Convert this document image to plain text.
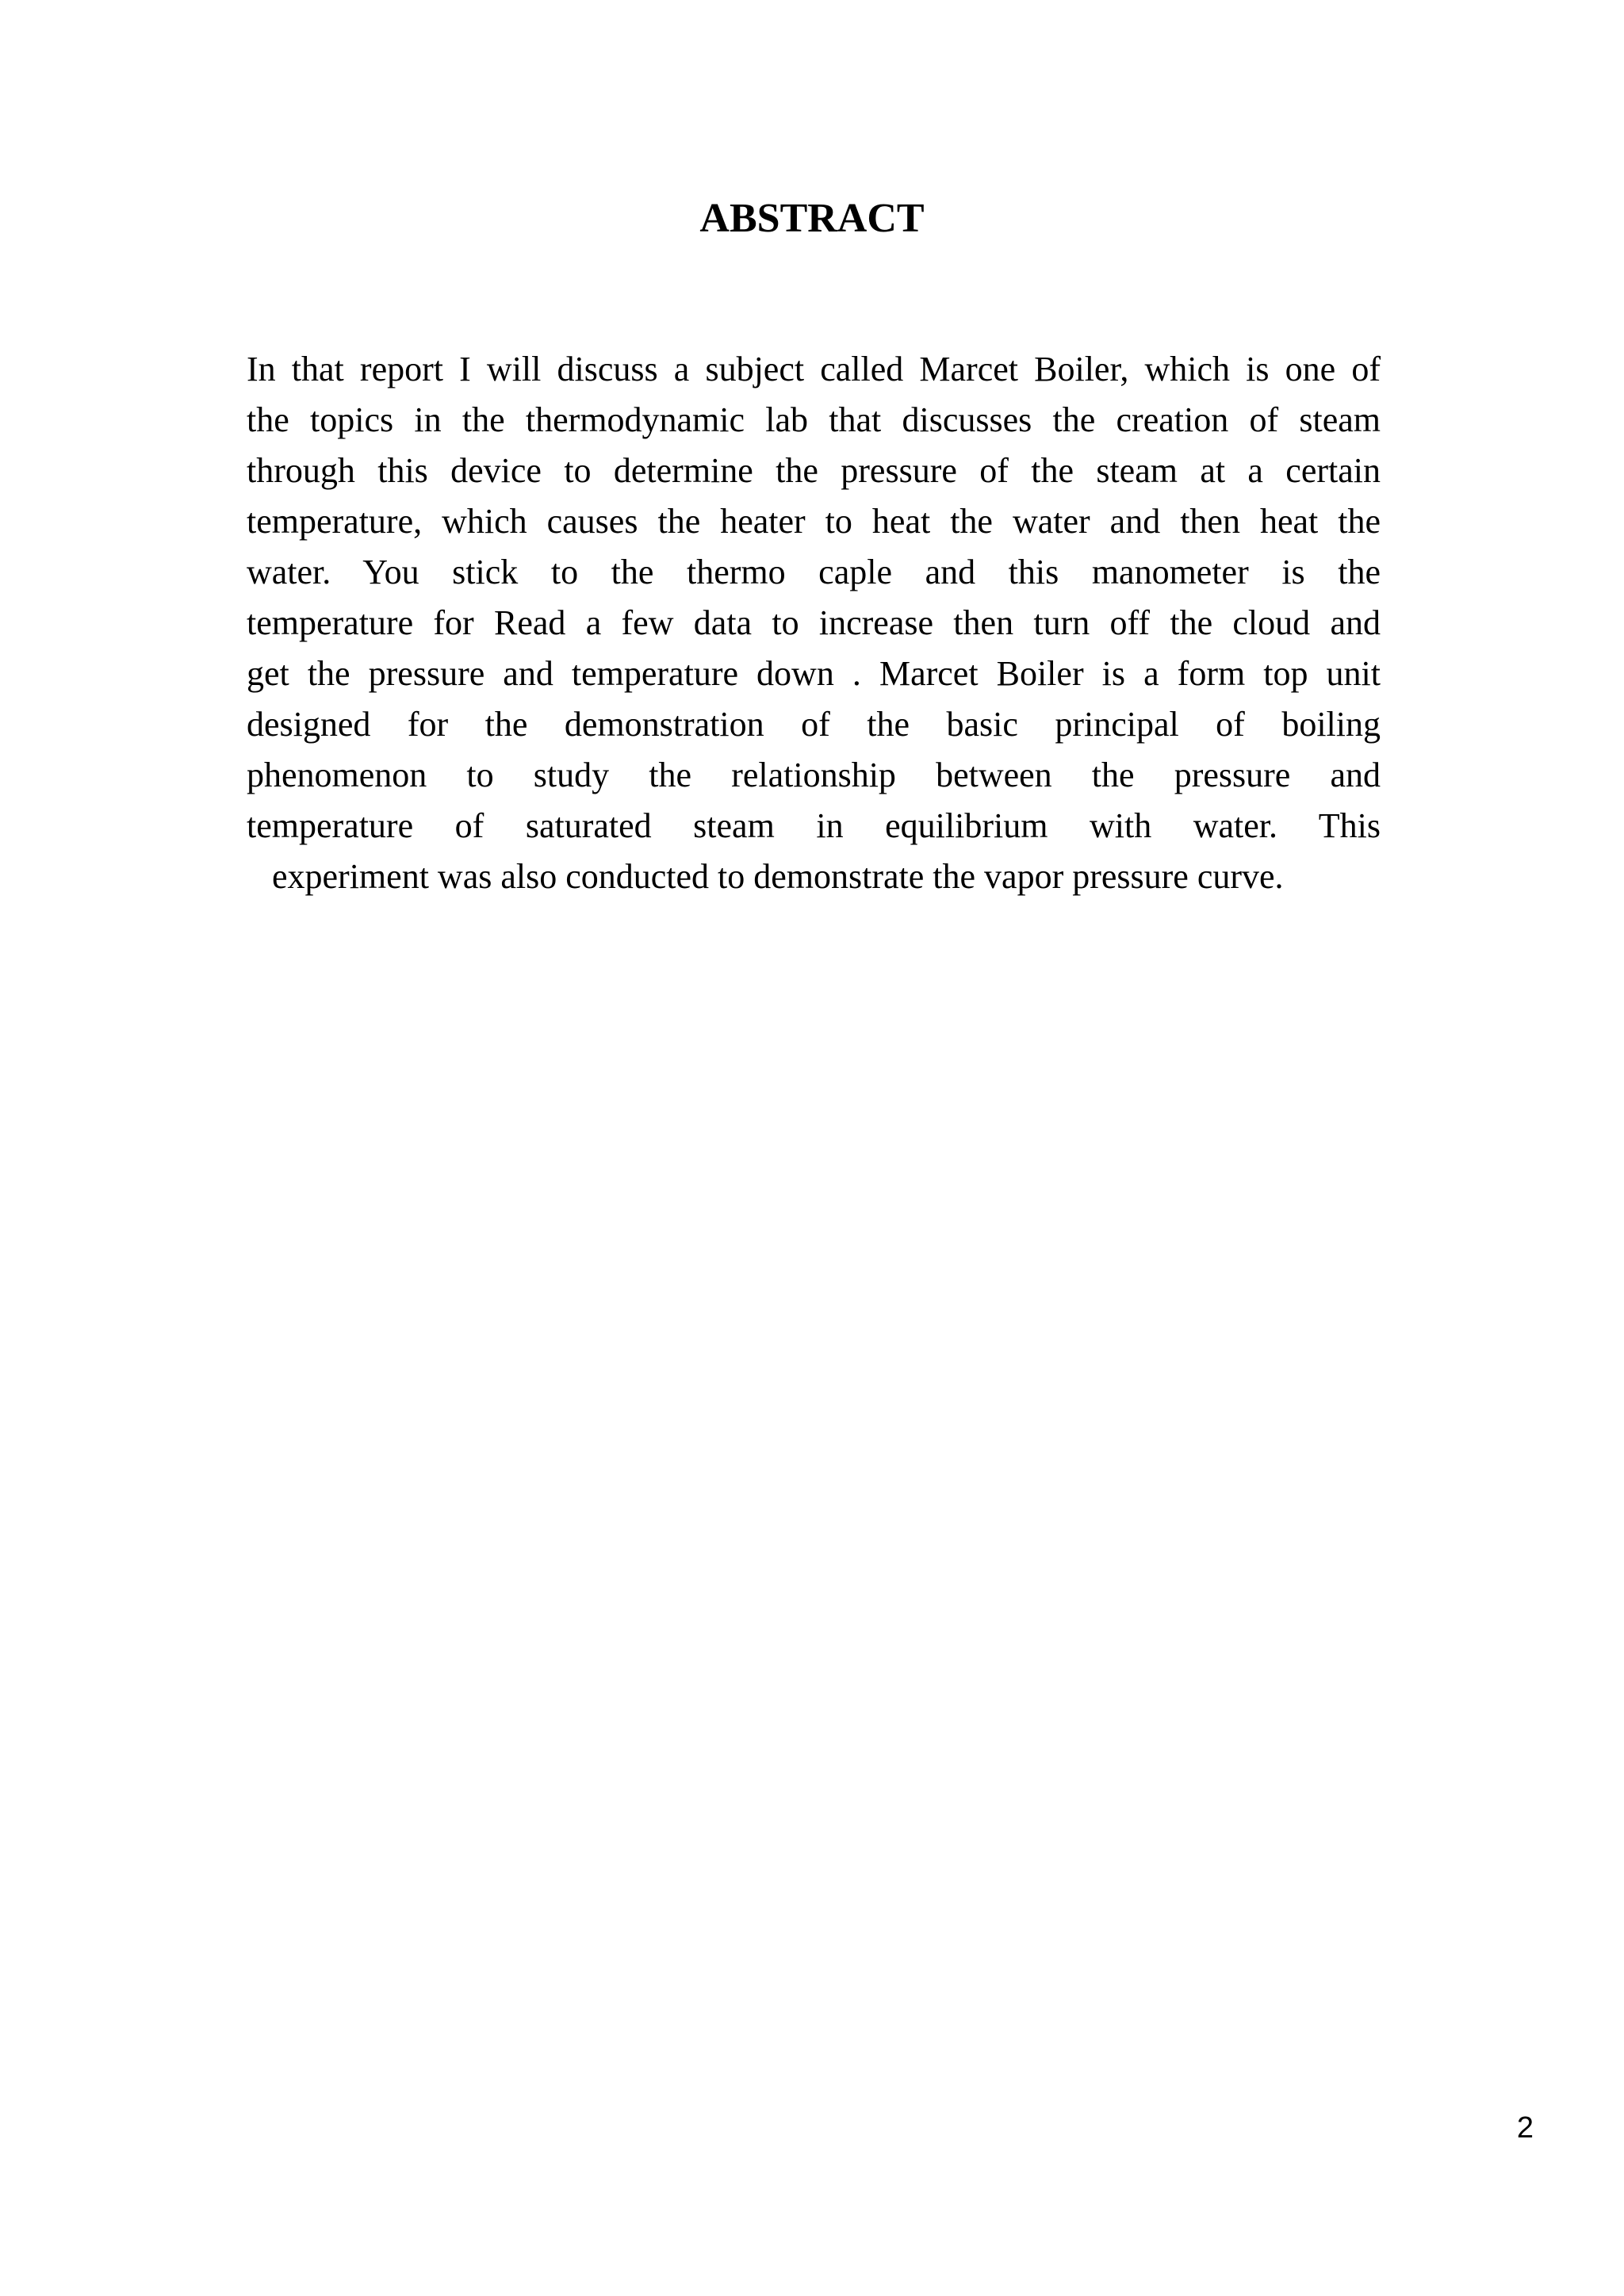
ABSTRACT
In that report I will discuss a subject called Marcet Boiler, which is one of
the topics in the thermodynamic lab that discusses the creation of steam
through this device to determine the pressure of the steam at a certain
temperature, which causes the heater to heat the water and then heat the
water. You stick to the thermo caple and this manometer is the
temperature for Read a few data to increase then turn off the cloud and
get the pressure and temperature down . Marcet Boiler is a form top unit
designed for the demonstration of the basic principal of boiling
phenomenon to study the relationship between the pressure and
temperature of saturated steam in equilibrium with water. This
experiment was also conducted to demonstrate the vapor pressure curve.
2
